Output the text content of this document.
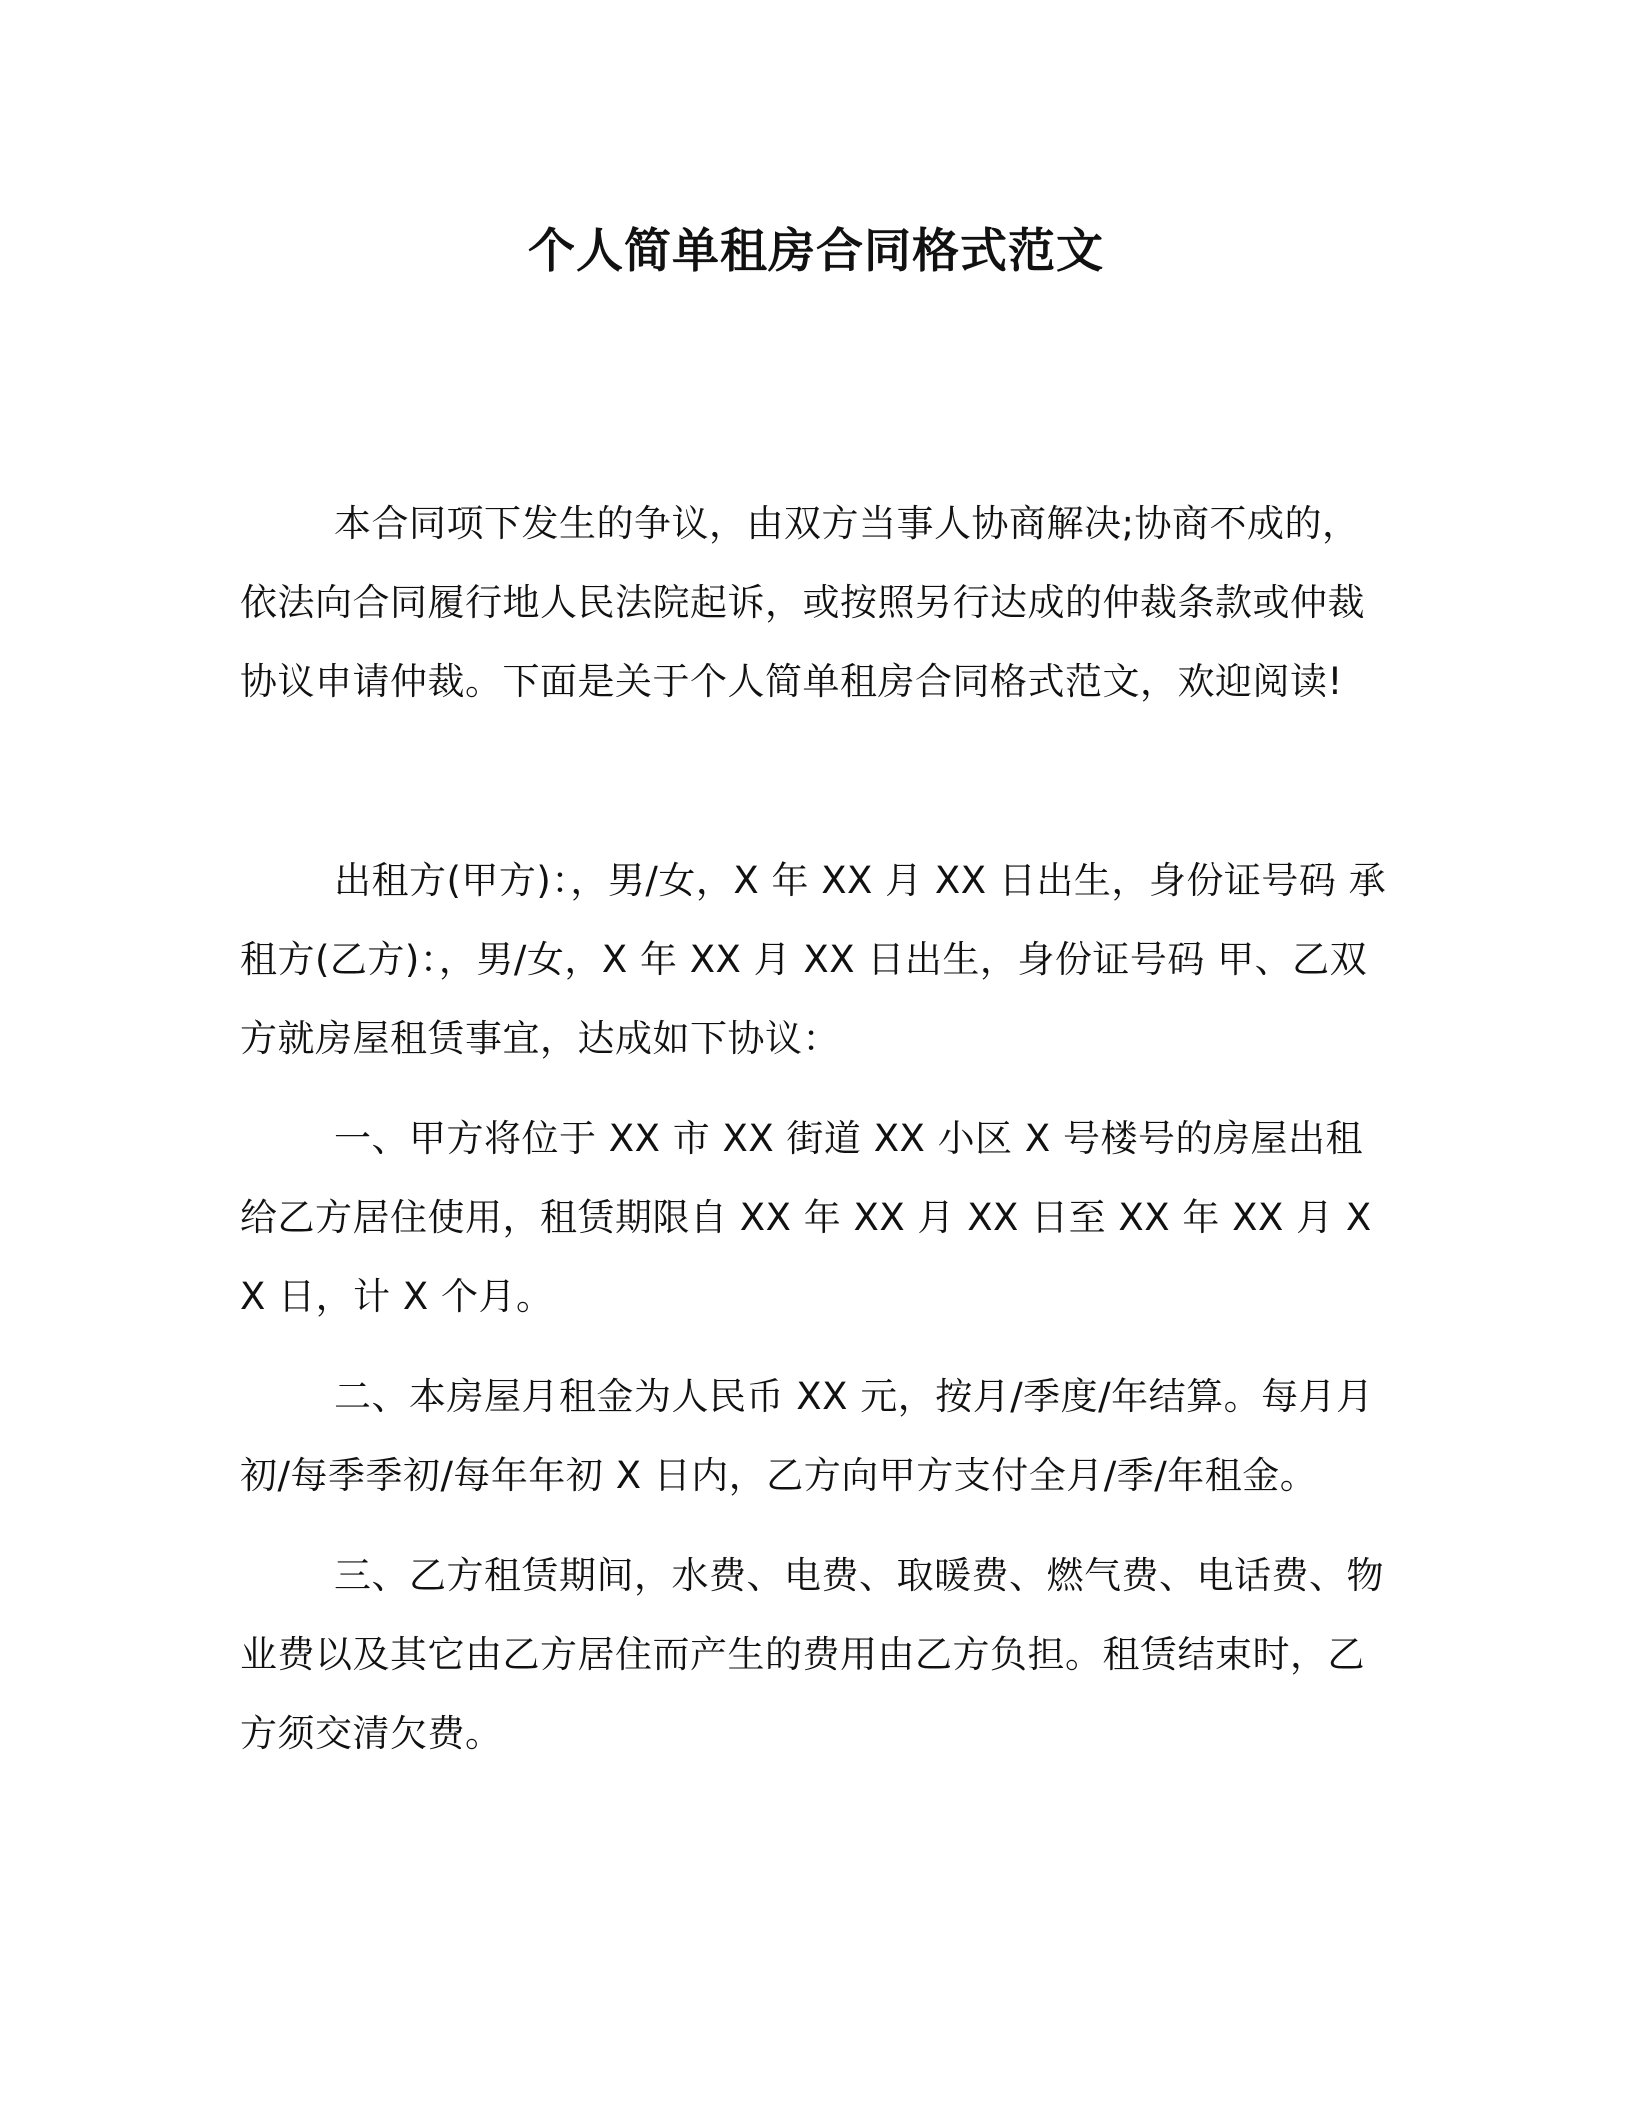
个人简单租房合同格式范文

本合同项下发生的争议，由双方当事人协商解决;协商不成的，依法向合同履行地人民法院起诉，或按照另行达成的仲裁条款或仲裁协议申请仲裁。下面是关于个人简单租房合同格式范文，欢迎阅读!

出租方(甲方)：，男/女，X 年 XX 月 XX 日出生，身份证号码 承租方(乙方)：，男/女，X 年 XX 月 XX 日出生，身份证号码 甲、乙双方就房屋租赁事宜，达成如下协议：

一、甲方将位于 XX 市 XX 街道 XX 小区 X 号楼号的房屋出租给乙方居住使用，租赁期限自 XX 年 XX 月 XX 日至 XX 年 XX 月 XX 日，计 X 个月。

二、本房屋月租金为人民币 XX 元，按月/季度/年结算。每月月初/每季季初/每年年初 X 日内，乙方向甲方支付全月/季/年租金。

三、乙方租赁期间，水费、电费、取暖费、燃气费、电话费、物业费以及其它由乙方居住而产生的费用由乙方负担。租赁结束时，乙方须交清欠费。
